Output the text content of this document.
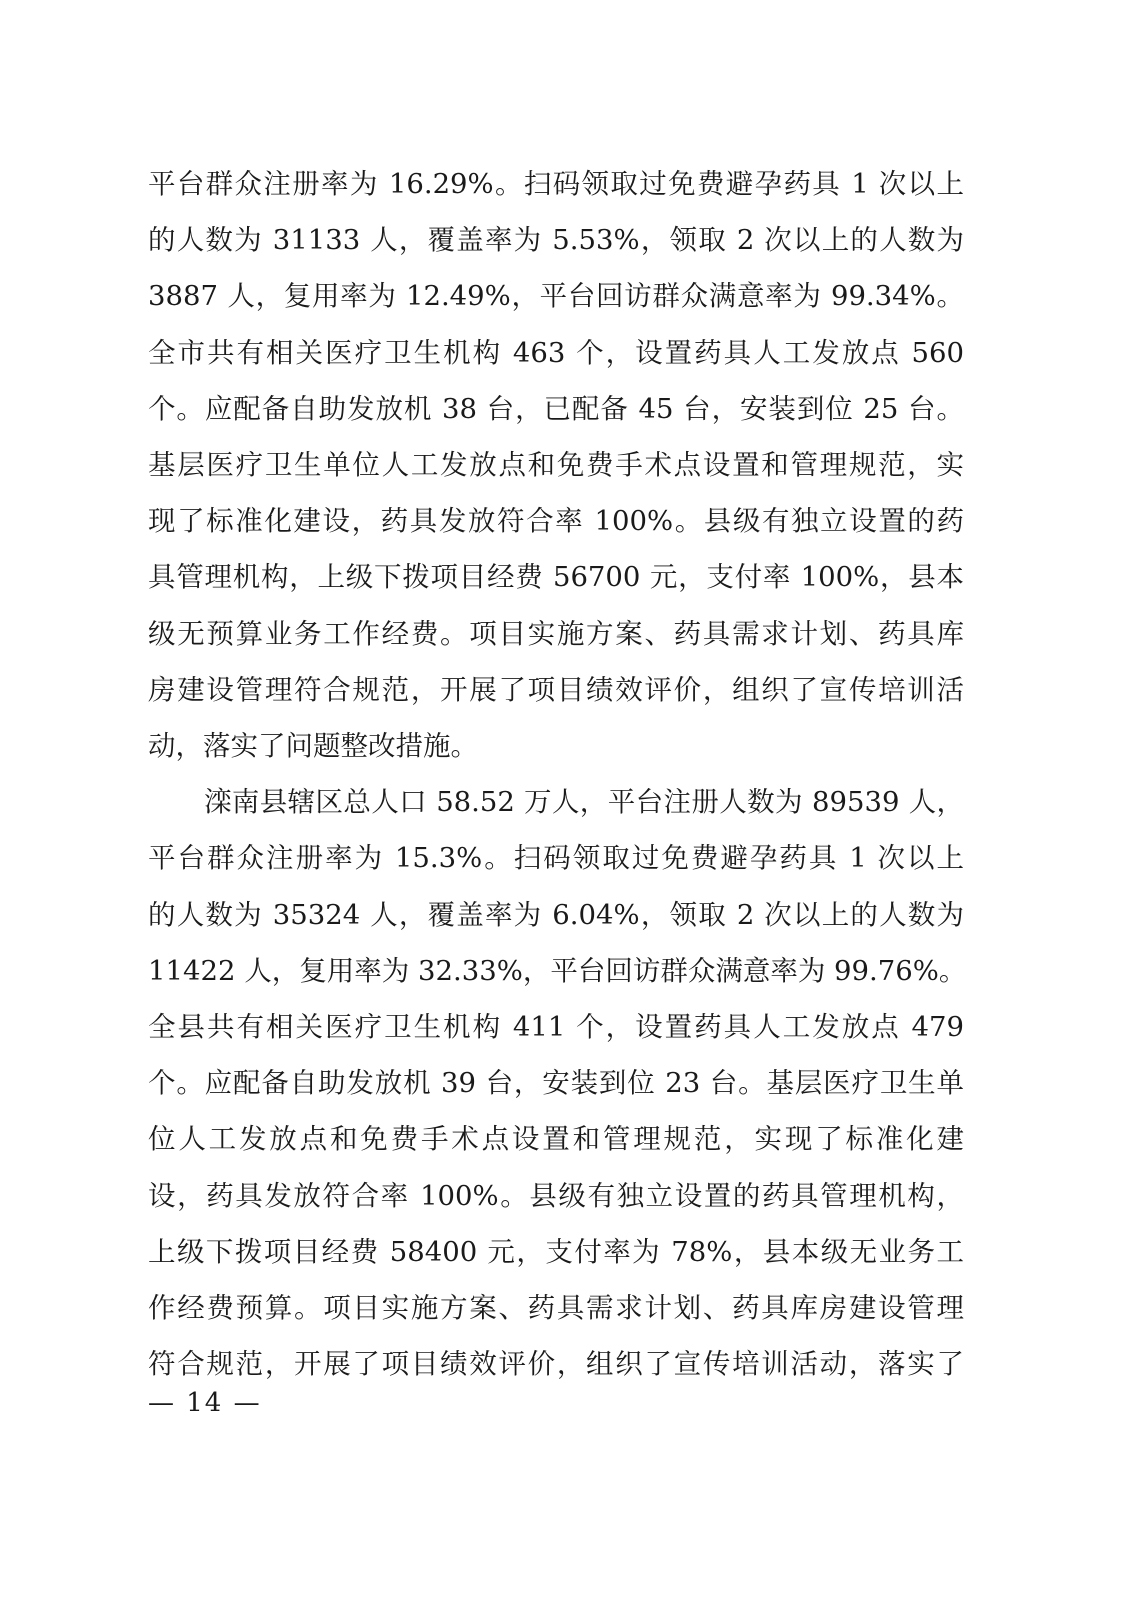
平台群众注册率为 16.29%。扫码领取过免费避孕药具 1 次以上
的人数为 31133 人，覆盖率为 5.53%，领取 2 次以上的人数为
3887 人，复用率为 12.49%，平台回访群众满意率为 99.34%。
全市共有相关医疗卫生机构 463 个，设置药具人工发放点 560
个。应配备自助发放机 38 台，已配备 45 台，安装到位 25 台。
基层医疗卫生单位人工发放点和免费手术点设置和管理规范，实
现了标准化建设，药具发放符合率 100%。县级有独立设置的药
具管理机构，上级下拨项目经费 56700 元，支付率 100%，县本
级无预算业务工作经费。项目实施方案、药具需求计划、药具库
房建设管理符合规范，开展了项目绩效评价，组织了宣传培训活
动，落实了问题整改措施。
滦南县辖区总人口 58.52 万人，平台注册人数为 89539 人，
平台群众注册率为 15.3%。扫码领取过免费避孕药具 1 次以上
的人数为 35324 人，覆盖率为 6.04%，领取 2 次以上的人数为
11422 人，复用率为 32.33%，平台回访群众满意率为 99.76%。
全县共有相关医疗卫生机构 411 个，设置药具人工发放点 479
个。应配备自助发放机 39 台，安装到位 23 台。基层医疗卫生单
位人工发放点和免费手术点设置和管理规范，实现了标准化建
设，药具发放符合率 100%。县级有独立设置的药具管理机构，
上级下拨项目经费 58400 元，支付率为 78%，县本级无业务工
作经费预算。项目实施方案、药具需求计划、药具库房建设管理
符合规范，开展了项目绩效评价，组织了宣传培训活动，落实了
— 14 —
